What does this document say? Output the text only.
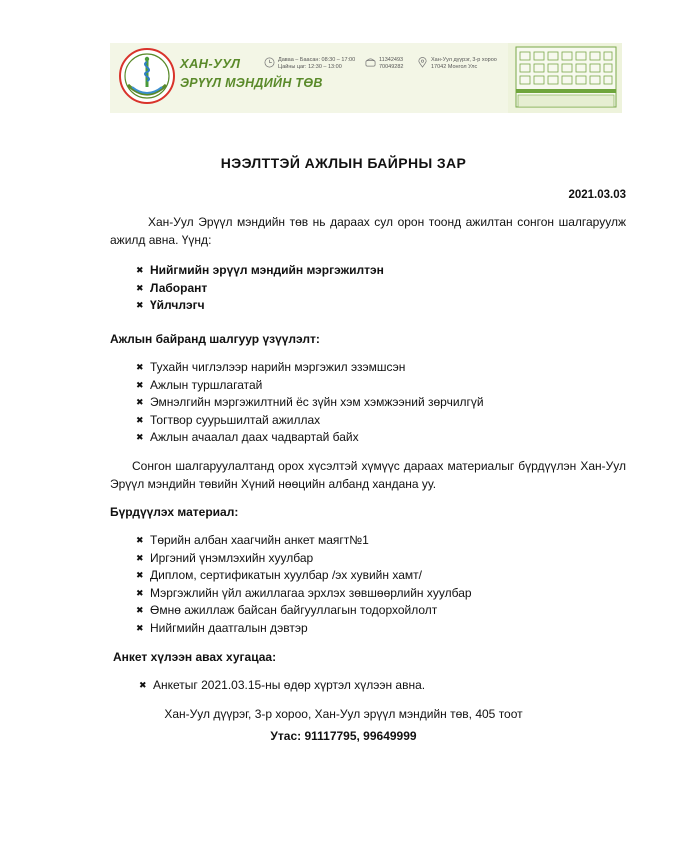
ХАН-УУЛ
ЭРҮҮЛ МЭНДИЙН ТӨВ
Даваа – Баасан: 08:30 – 17:00
Цайны цаг: 12:30 – 13:00
11342493
70049282
Хан-Уул дүүрэг, 3-р хороо
17042 Монгол Улс
НЭЭЛТТЭЙ АЖЛЫН БАЙРНЫ ЗАР
2021.03.03
Хан-Уул Эрүүл мэндийн төв нь дараах сул орон тоонд ажилтан сонгон шалгаруулж ажилд авна. Үүнд:
✖ Нийгмийн эрүүл мэндийн мэргэжилтэн
✖ Лаборант
✖ Үйлчлэгч
Ажлын байранд шалгуур үзүүлэлт:
✖ Тухайн чиглэлээр нарийн мэргэжил эзэмшсэн
✖ Ажлын туршлагатай
✖ Эмнэлгийн мэргэжилтний ёс зүйн хэм хэмжээний зөрчилгүй
✖ Тогтвор суурьшилтай ажиллах
✖ Ажлын ачаалал даах чадвартай байх
Сонгон шалгаруулалтанд орох хүсэлтэй хүмүүс дараах материалыг бүрдүүлэн Хан-Уул Эрүүл мэндийн төвийн Хүний нөөцийн албанд хандана уу.
Бүрдүүлэх материал:
✖ Төрийн албан хаагчийн анкет маягт№1
✖ Иргэний үнэмлэхийн хуулбар
✖ Диплом, сертификатын хуулбар /эх хувийн хамт/
✖ Мэргэжлийн үйл ажиллагаа эрхлэх зөвшөөрлийн хуулбар
✖ Өмнө ажиллаж байсан байгууллагын тодорхойлолт
✖ Нийгмийн даатгалын дэвтэр
Анкет хүлээн авах хугацаа:
✖ Анкетыг 2021.03.15-ны өдөр хүртэл хүлээн авна.
Хан-Уул дүүрэг, 3-р хороо, Хан-Уул эрүүл мэндийн төв, 405 тоот
Утас: 91117795, 99649999
